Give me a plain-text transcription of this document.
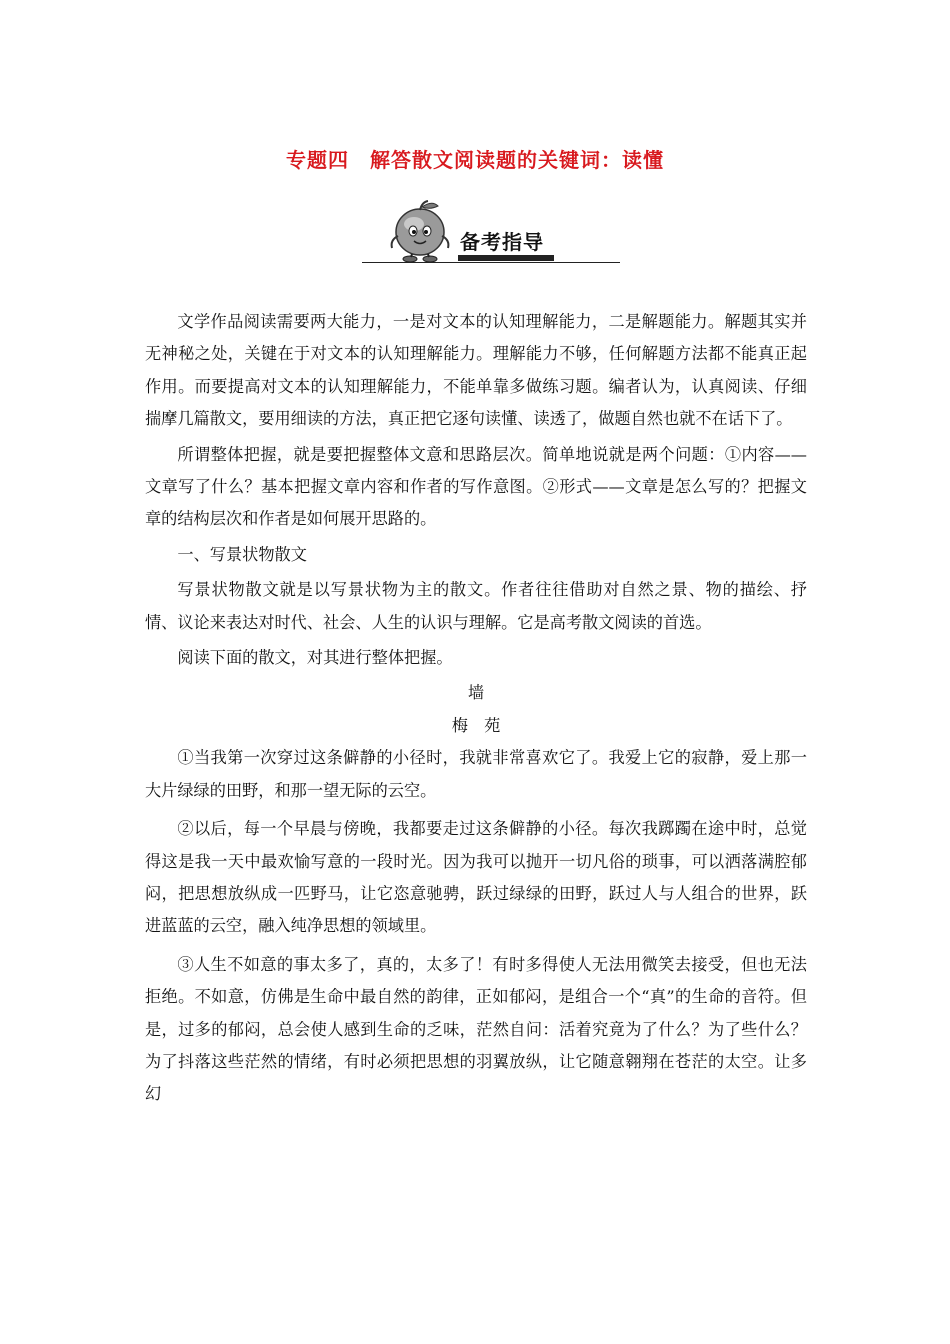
专题四　解答散文阅读题的关键词：读懂
备考指导

文学作品阅读需要两大能力，一是对文本的认知理解能力，二是解题能力。解题其实并无神秘之处，关键在于对文本的认知理解能力。理解能力不够，任何解题方法都不能真正起作用。而要提高对文本的认知理解能力，不能单靠多做练习题。编者认为，认真阅读、仔细揣摩几篇散文，要用细读的方法，真正把它逐句读懂、读透了，做题自然也就不在话下了。

所谓整体把握，就是要把握整体文意和思路层次。简单地说就是两个问题：①内容——文章写了什么？基本把握文章内容和作者的写作意图。②形式——文章是怎么写的？把握文章的结构层次和作者是如何展开思路的。

一、写景状物散文

写景状物散文就是以写景状物为主的散文。作者往往借助对自然之景、物的描绘、抒情、议论来表达对时代、社会、人生的认识与理解。它是高考散文阅读的首选。

阅读下面的散文，对其进行整体把握。

墙

梅　苑

①当我第一次穿过这条僻静的小径时，我就非常喜欢它了。我爱上它的寂静，爱上那一大片绿绿的田野，和那一望无际的云空。

②以后，每一个早晨与傍晚，我都要走过这条僻静的小径。每次我踯躅在途中时，总觉得这是我一天中最欢愉写意的一段时光。因为我可以抛开一切凡俗的琐事，可以洒落满腔郁闷，把思想放纵成一匹野马，让它恣意驰骋，跃过绿绿的田野，跃过人与人组合的世界，跃进蓝蓝的云空，融入纯净思想的领域里。

③人生不如意的事太多了，真的，太多了！有时多得使人无法用微笑去接受，但也无法拒绝。不如意，仿佛是生命中最自然的韵律，正如郁闷，是组合一个“真”的生命的音符。但是，过多的郁闷，总会使人感到生命的乏味，茫然自问：活着究竟为了什么？为了些什么？为了抖落这些茫然的情绪，有时必须把思想的羽翼放纵，让它随意翱翔在苍茫的太空。让多幻
